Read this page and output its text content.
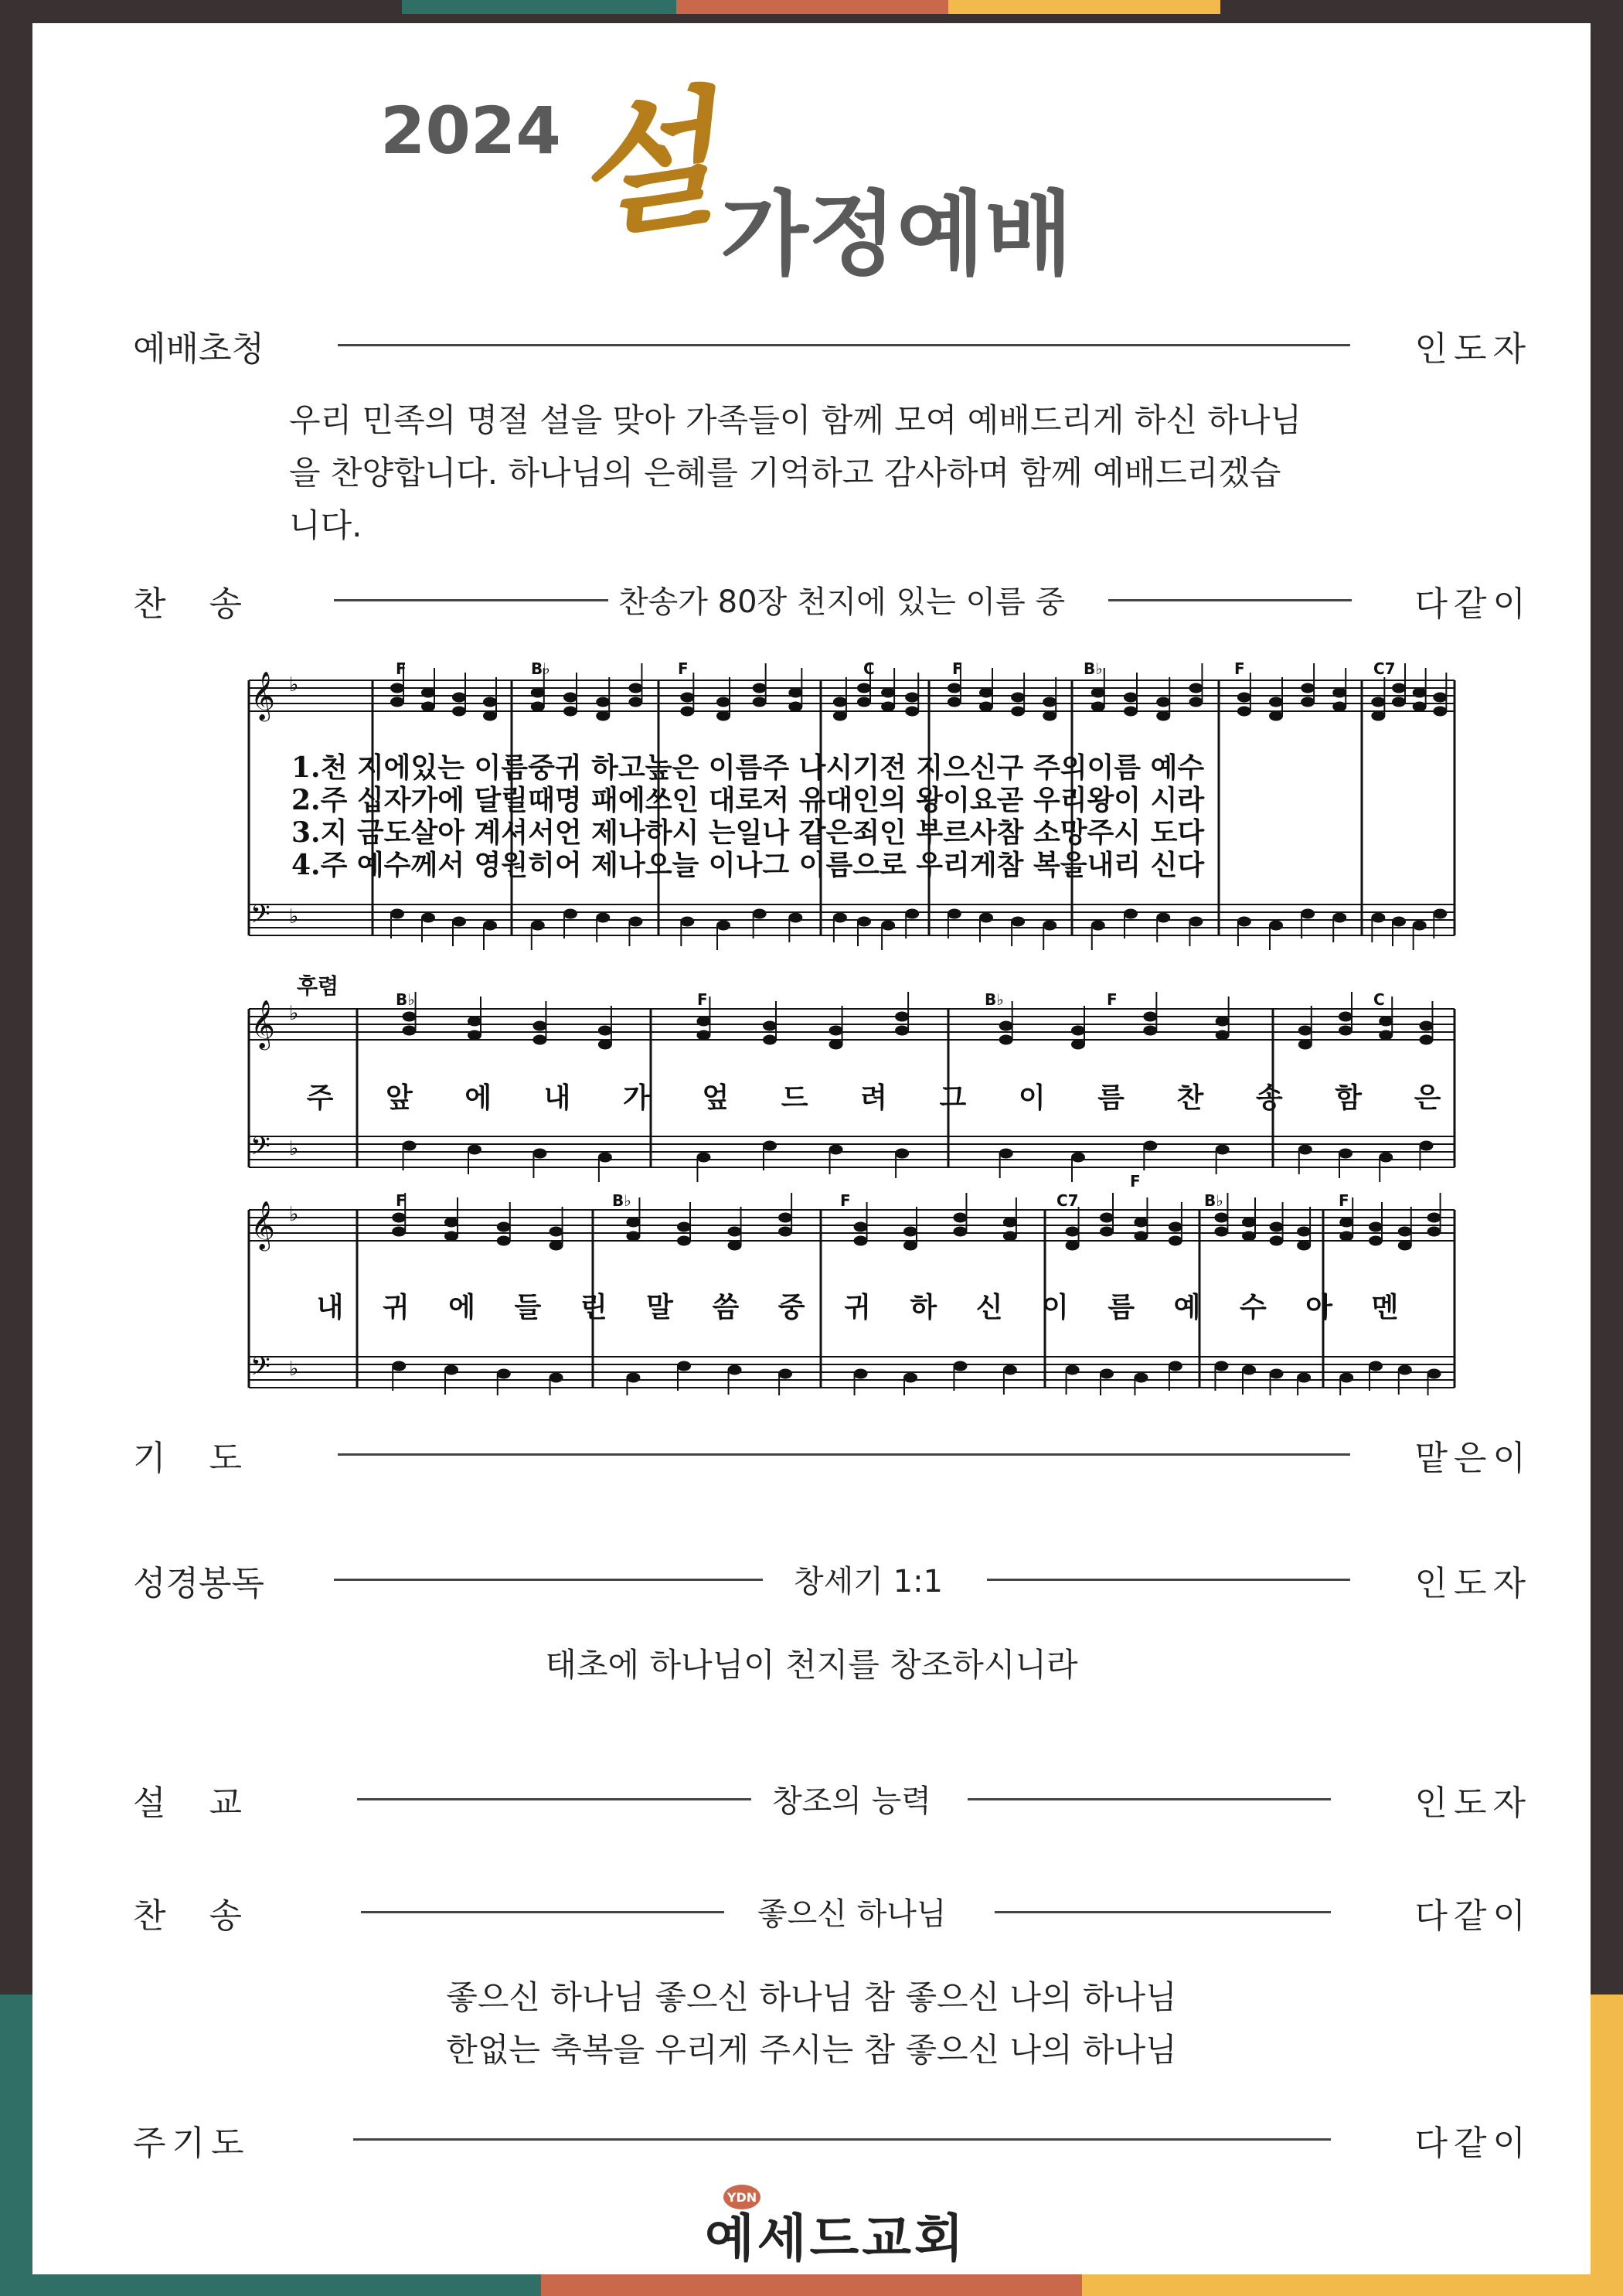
2024 설
가정예배
예배초청	인도자
우리 민족의 명절 설을 맞아 가족들이 함께 모여 예배드리게 하신 하나님
을 찬양합니다. 하나님의 은혜를 기억하고 감사하며 함께 예배드리겠습
니다.
찬    송	찬송가 80장 천지에 있는 이름 중	다같이
𝄞 ♭
𝄢 ♭
𝄞 ♭
𝄢 ♭
𝄞 ♭
𝄢 ♭
F	B♭	F	C	F	B♭	F	C7
1.천 지에있는 이름중귀 하고높은 이름주 나시기전 지으신구 주의이름 예수
2.주 십자가에 달릴때명 패에쓰인 대로저 유대인의 왕이요곧 우리왕이 시라
3.지 금도살아 계셔서언 제나하시 는일나 같은죄인 부르사참 소망주시 도다
4.주 예수께서 영원히어 제나오늘 이나그 이름으로 우리게참 복을내리 신다
후렴
B♭	F	B♭	F	C
주 앞 에 내 가 엎 드 려 그 이 름 찬 송 함 은
F	B♭	F	C7
F
B♭	F
내 귀 에 들 린 말 씀 중 귀 하 신 이 름 예 수 아 멘
기    도	맡은이
성경봉독	창세기 1:1	인도자
태초에 하나님이 천지를 창조하시니라
설    교	창조의 능력	인도자
찬    송	좋으신 하나님	다같이
좋으신 하나님 좋으신 하나님 참 좋으신 나의 하나님
한없는 축복을 우리게 주시는 참 좋으신 나의 하나님
주기도	다같이
YDN
예세드교회
